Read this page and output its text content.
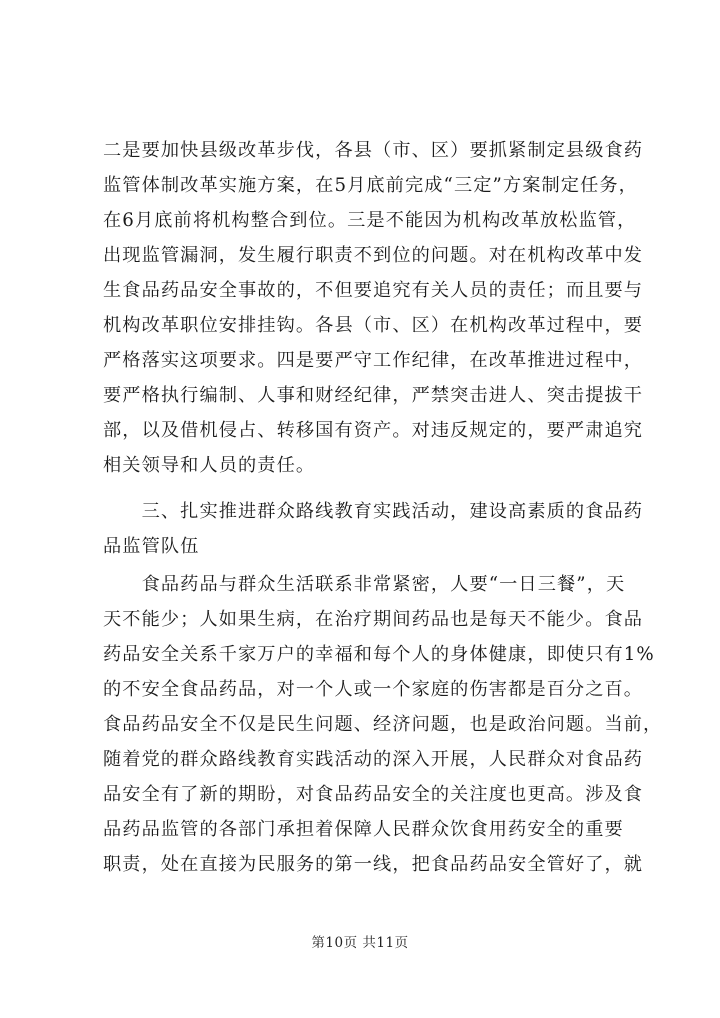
二是要加快县级改革步伐，各县（市、区）要抓紧制定县级食药
监管体制改革实施方案，在5月底前完成“三定”方案制定任务，
在6月底前将机构整合到位。三是不能因为机构改革放松监管，
出现监管漏洞，发生履行职责不到位的问题。对在机构改革中发
生食品药品安全事故的，不但要追究有关人员的责任；而且要与
机构改革职位安排挂钩。各县（市、区）在机构改革过程中，要
严格落实这项要求。四是要严守工作纪律，在改革推进过程中，
要严格执行编制、人事和财经纪律，严禁突击进人、突击提拔干
部，以及借机侵占、转移国有资产。对违反规定的，要严肃追究
相关领导和人员的责任。
　　三、扎实推进群众路线教育实践活动，建设高素质的食品药
品监管队伍
　　食品药品与群众生活联系非常紧密，人要“一日三餐”，天
天不能少；人如果生病，在治疗期间药品也是每天不能少。食品
药品安全关系千家万户的幸福和每个人的身体健康，即使只有1%
的不安全食品药品，对一个人或一个家庭的伤害都是百分之百。
食品药品安全不仅是民生问题、经济问题，也是政治问题。当前，
随着党的群众路线教育实践活动的深入开展，人民群众对食品药
品安全有了新的期盼，对食品药品安全的关注度也更高。涉及食
品药品监管的各部门承担着保障人民群众饮食用药安全的重要
职责，处在直接为民服务的第一线，把食品药品安全管好了，就
第10页 共11页
